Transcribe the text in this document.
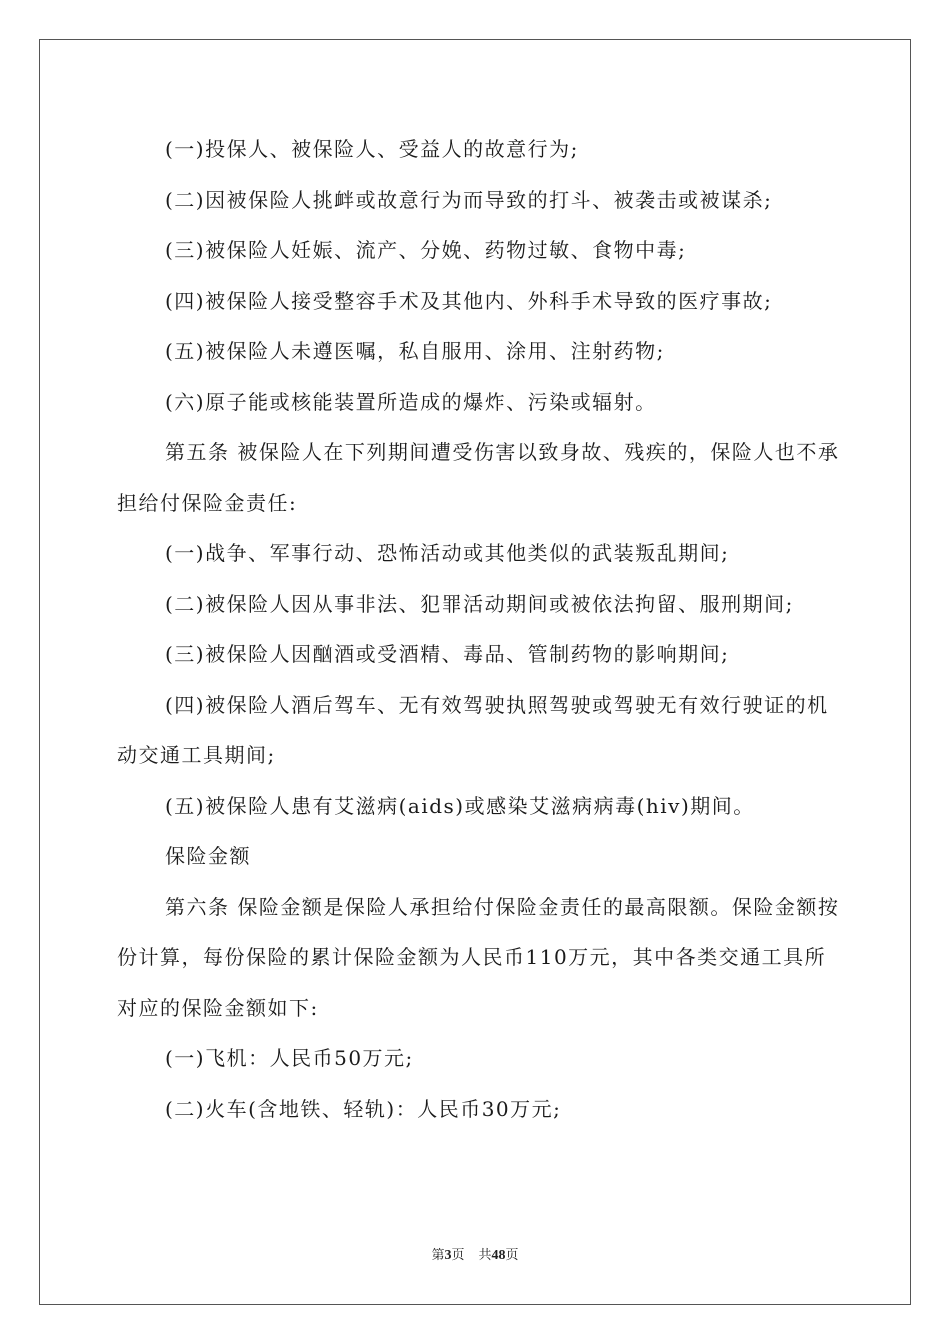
(一)投保人、被保险人、受益人的故意行为;

(二)因被保险人挑衅或故意行为而导致的打斗、被袭击或被谋杀;

(三)被保险人妊娠、流产、分娩、药物过敏、食物中毒;

(四)被保险人接受整容手术及其他内、外科手术导致的医疗事故;

(五)被保险人未遵医嘱，私自服用、涂用、注射药物;

(六)原子能或核能装置所造成的爆炸、污染或辐射。

第五条 被保险人在下列期间遭受伤害以致身故、残疾的，保险人也不承担给付保险金责任:

(一)战争、军事行动、恐怖活动或其他类似的武装叛乱期间;

(二)被保险人因从事非法、犯罪活动期间或被依法拘留、服刑期间;

(三)被保险人因酗酒或受酒精、毒品、管制药物的影响期间;

(四)被保险人酒后驾车、无有效驾驶执照驾驶或驾驶无有效行驶证的机动交通工具期间;

(五)被保险人患有艾滋病(aids)或感染艾滋病病毒(hiv)期间。

保险金额

第六条 保险金额是保险人承担给付保险金责任的最高限额。保险金额按份计算，每份保险的累计保险金额为人民币110万元，其中各类交通工具所对应的保险金额如下:

(一)飞机：人民币50万元;

(二)火车(含地铁、轻轨)：人民币30万元;

第3页 共48页
